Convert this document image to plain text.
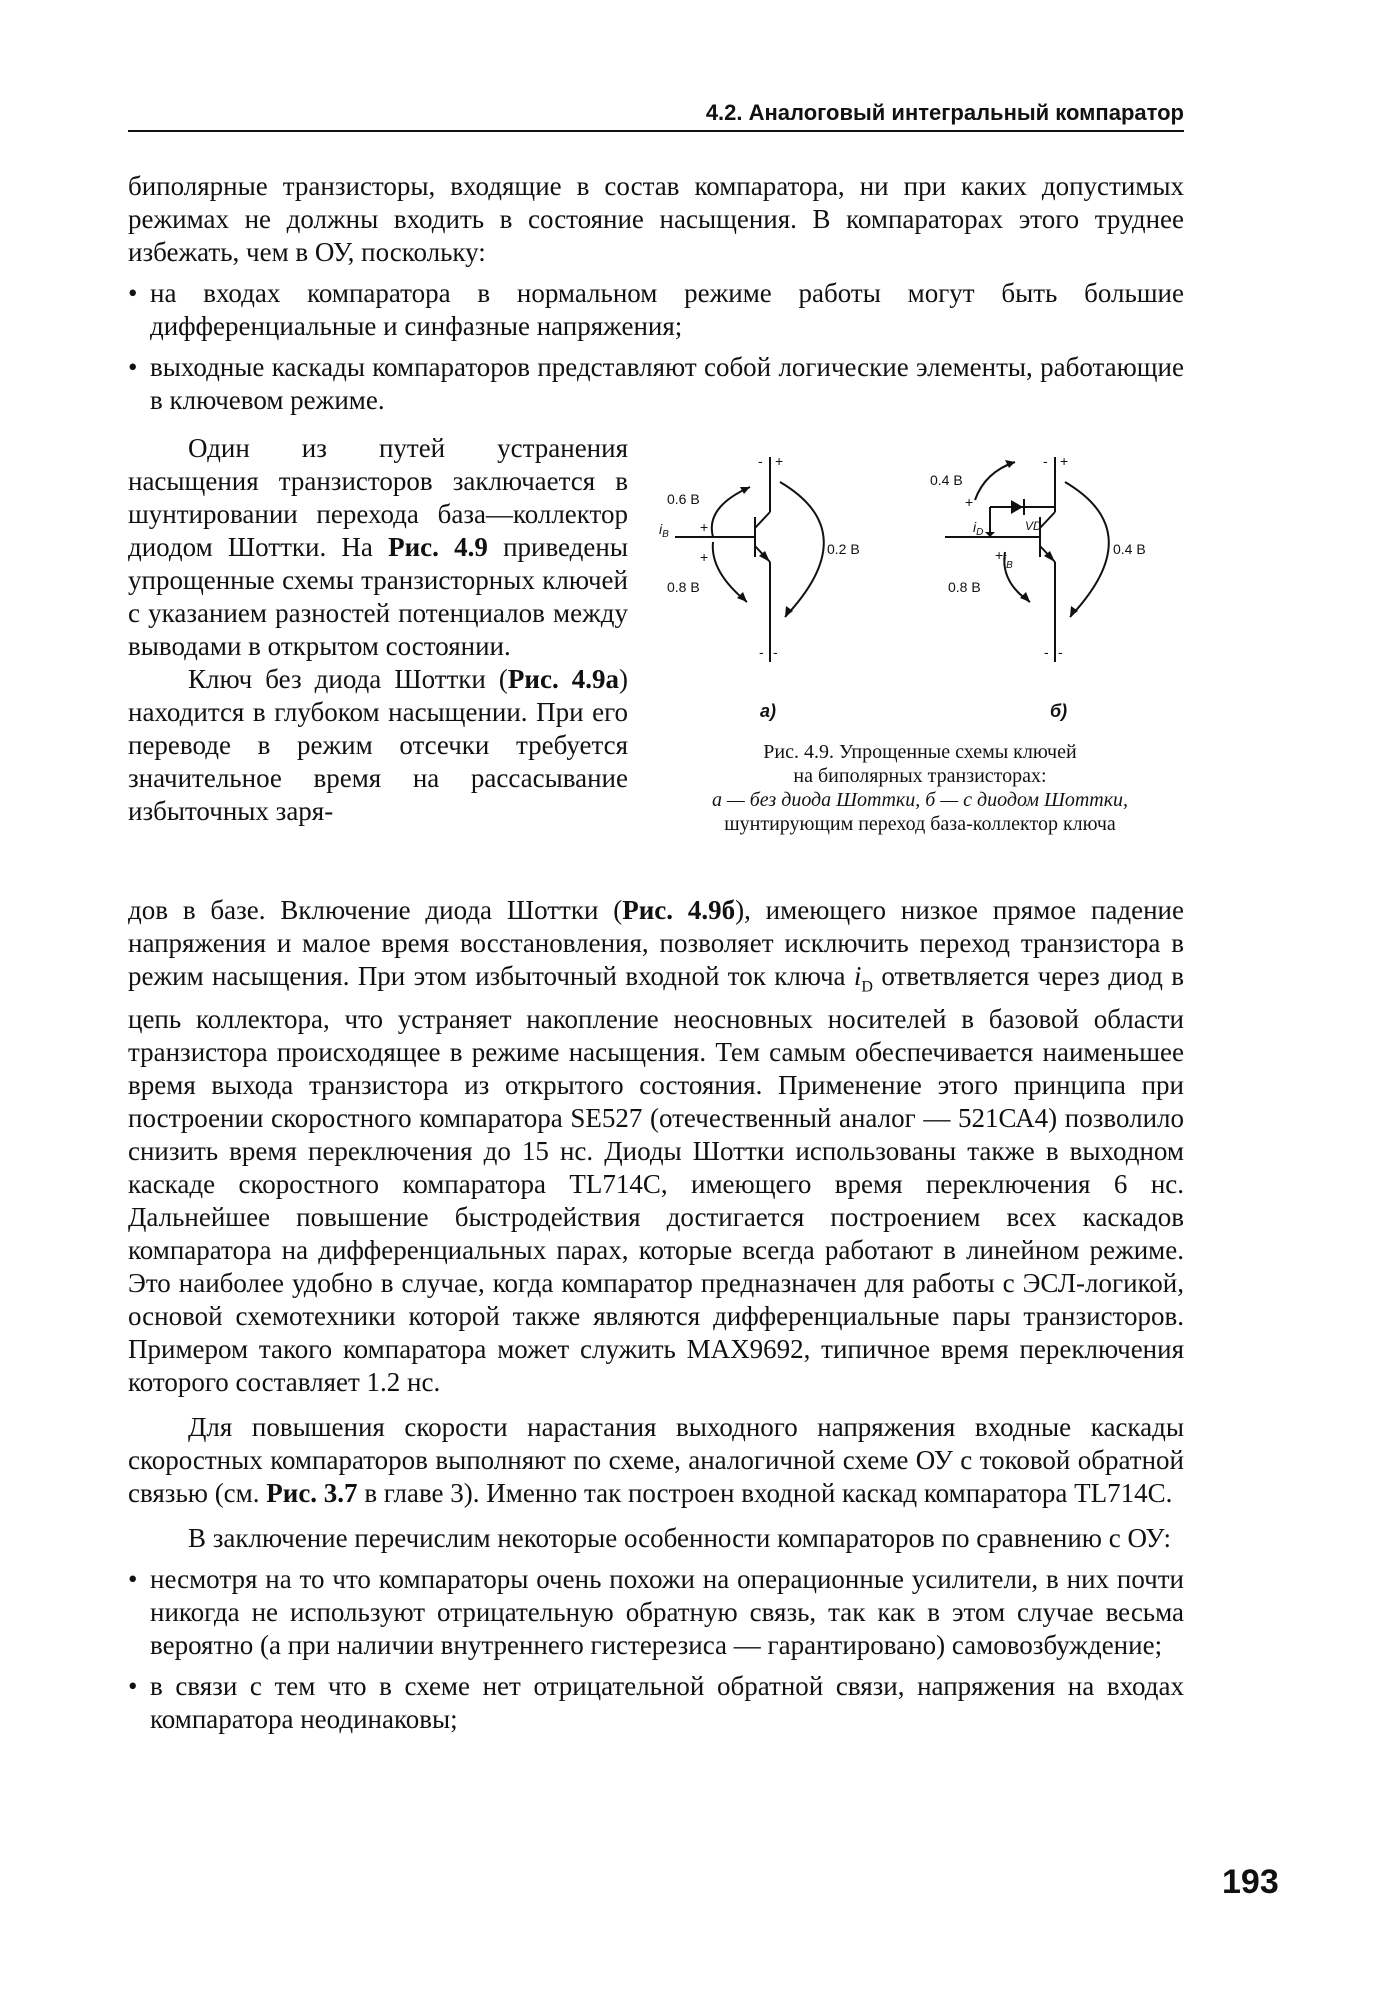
4.2. Аналоговый интегральный компаратор

биполярные транзисторы, входящие в состав компаратора, ни при каких допустимых режимах не должны входить в состояние насыщения. В компараторах этого труднее избежать, чем в ОУ, поскольку:

• на входах компаратора в нормальном режиме работы могут быть большие дифференциальные и синфазные напряжения;
• выходные каскады компараторов представляют собой логические элементы, работающие в ключевом режиме.

Один из путей устранения насыщения транзисторов заключается в шунтировании перехода база—коллектор диодом Шоттки. На Рис. 4.9 приведены упрощенные схемы транзисторных ключей с указанием разностей потенциалов между выводами в открытом состоянии.

Ключ без диода Шоттки (Рис. 4.9а) находится в глубоком насыщении. При его переводе в режим отсечки требуется значительное время на рассасывание избыточных заря-

0.6 В
0.8 В
0.2 В
$i_B$
- +
+
+
- -
а)
0.4 В
0.8 В
0.4 В
VD
$i_D$
$i_B$
- +
+
+
- -
б)
Рис. 4.9. Упрощенные схемы ключей
на биполярных транзисторах:
а — без диода Шоттки, б — с диодом Шоттки,
шунтирующим переход база-коллектор ключа

дов в базе. Включение диода Шоттки (Рис. 4.9б), имеющего низкое прямое падение напряжения и малое время восстановления, позволяет исключить переход транзистора в режим насыщения. При этом избыточный входной ток ключа $i_D$ ответвляется через диод в цепь коллектора, что устраняет накопление неосновных носителей в базовой области транзистора происходящее в режиме насыщения. Тем самым обеспечивается наименьшее время выхода транзистора из открытого состояния. Применение этого принципа при построении скоростного компаратора SE527 (отечественный аналог — 521СА4) позволило снизить время переключения до 15 нс. Диоды Шоттки использованы также в выходном каскаде скоростного компаратора TL714С, имеющего время переключения 6 нс. Дальнейшее повышение быстродействия достигается построением всех каскадов компаратора на дифференциальных парах, которые всегда работают в линейном режиме. Это наиболее удобно в случае, когда компаратор предназначен для работы с ЭСЛ-логикой, основой схемотехники которой также являются дифференциальные пары транзисторов. Примером такого компаратора может служить МАХ9692, типичное время переключения которого составляет 1.2 нс.

Для повышения скорости нарастания выходного напряжения входные каскады скоростных компараторов выполняют по схеме, аналогичной схеме ОУ с токовой обратной связью (см. Рис. 3.7 в главе 3). Именно так построен входной каскад компаратора TL714C.

В заключение перечислим некоторые особенности компараторов по сравнению с ОУ:

• несмотря на то что компараторы очень похожи на операционные усилители, в них почти никогда не используют отрицательную обратную связь, так как в этом случае весьма вероятно (а при наличии внутреннего гистерезиса — гарантировано) самовозбуждение;
• в связи с тем что в схеме нет отрицательной обратной связи, напряжения на входах компаратора неодинаковы;
193
